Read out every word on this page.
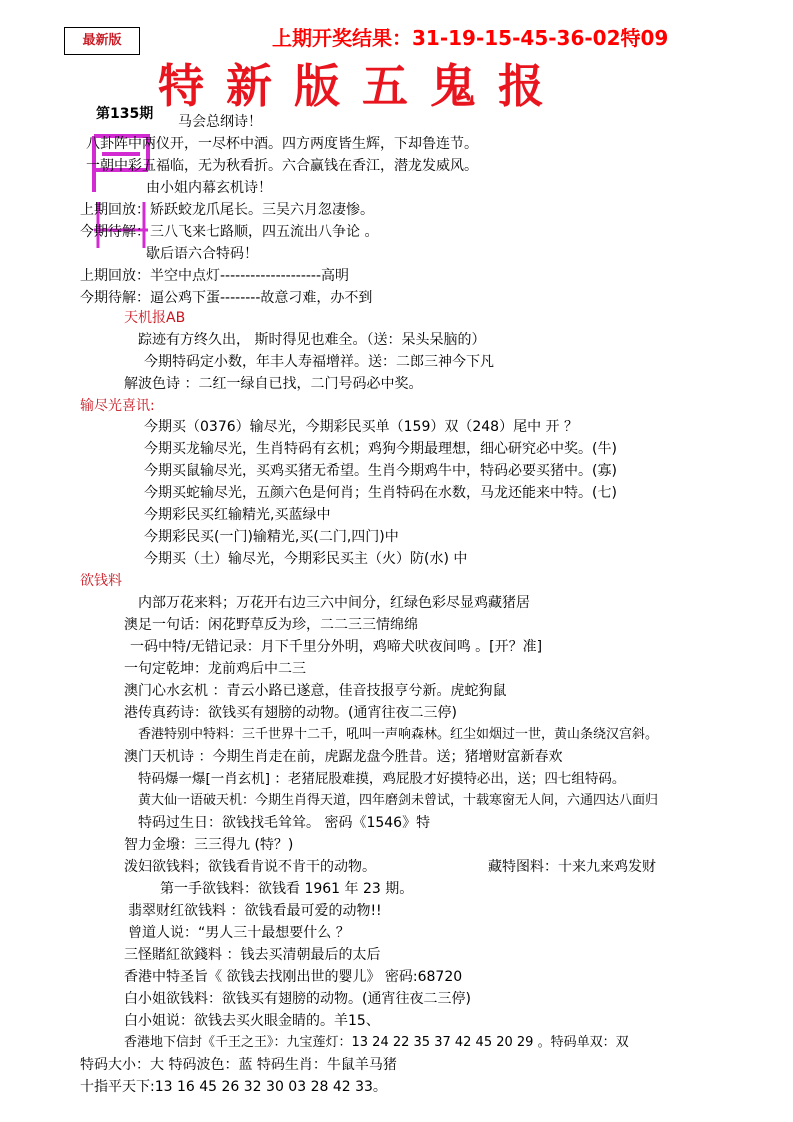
最新版	上期开奖结果：31-19-15-45-36-02特09
特新版五鬼报
第135期 马会总纲诗！
八卦阵中两仪开，一尽杯中酒。四方两度皆生辉，下却鲁连节。
一朝中彩五福临，无为秋看折。六合赢钱在香江，潜龙发威风。
由小姐内幕玄机诗！
上期回放：矫跃蛟龙爪尾长。三吴六月忽凄惨。
今期待解：三八飞来七路顺，四五流出八争论 。
歇后语六合特码！
上期回放：半空中点灯--------------------高明
今期待解：逼公鸡下蛋--------故意刁难，办不到
天机报AB
踪迹有方终久出， 斯时得见也难全。（送：呆头呆脑的）
今期特码定小数，年丰人寿福增祥。送：二郎三神今下凡
解波色诗 ：二红一绿自已找，二门号码必中奖。
输尽光喜讯:
今期买（0376）输尽光，今期彩民买单（159）双（248）尾中 开 ？
今期买龙输尽光，生肖特码有玄机；鸡狗今期最理想，细心研究必中奖。(牛)
今期买鼠输尽光，买鸡买猪无希望。生肖今期鸡牛中，特码必要买猪中。(寡)
今期买蛇输尽光，五颜六色是何肖；生肖特码在水数，马龙还能来中特。(七)
今期彩民买红输精光,买蓝绿中
今期彩民买(一门)输精光,买(二门,四门)中
今期买（土）输尽光，今期彩民买主（火）防(水) 中
欲钱料
内部万花来料；万花开右边三六中间分，红绿色彩尽显鸡藏猪居
澳足一句话：闲花野草反为珍，二二三三情绵绵
一码中特/无错记录：月下千里分外明，鸡啼犬吠夜间鸣 。[开？准]
一句定乾坤：龙前鸡后中二三
澳门心水玄机 ：青云小路已遂意，佳音技报亨兮新。虎蛇狗鼠
港传真药诗：欲钱买有翅膀的动物。(通宵往夜二三停)
香港特别中特料：三千世界十二千，吼叫一声响森林。红尘如烟过一世，黄山条绕汉宫斜。
澳门天机诗 ：今期生肖走在前，虎踞龙盘今胜昔。送；猪增财富新春欢
特码爆一爆[一肖玄机] ：老猪屁股难摸，鸡屁股才好摸特必出，送；四七组特码。
黄大仙一语破天机：今期生肖得天道，四年磨剑未曾试，十载寒窗无人间，六通四达八面归
特码过生日：欲钱找毛耸耸。 密码《1546》特
智力金墢：三三得九 (特？)
泼妇欲钱料；欲钱看肯说不肯干的动物。	藏特图料：十来九来鸡发财
第一手欲钱料：欲钱看 1961 年 23 期。
翡翠财红欲钱料 ：欲钱看最可爱的动物!!
曾道人说：“男人三十最想要什么 ？
三怪賭紅欲錢料 ：钱去买清朝最后的太后
香港中特圣旨《 欲钱去找刚出世的婴儿》 密码:68720
白小姐欲钱料：欲钱买有翅膀的动物。(通宵往夜二三停)
白小姐说：欲钱去买火眼金睛的。羊15、
香港地下信封《千王之王》：九宝莲灯：13 24 22 35 37 42 45 20 29 。特码单双：双
特码大小：大 特码波色：蓝 特码生肖：牛鼠羊马猪
十指平天下:13 16 45 26 32 30 03 28 42 33。
